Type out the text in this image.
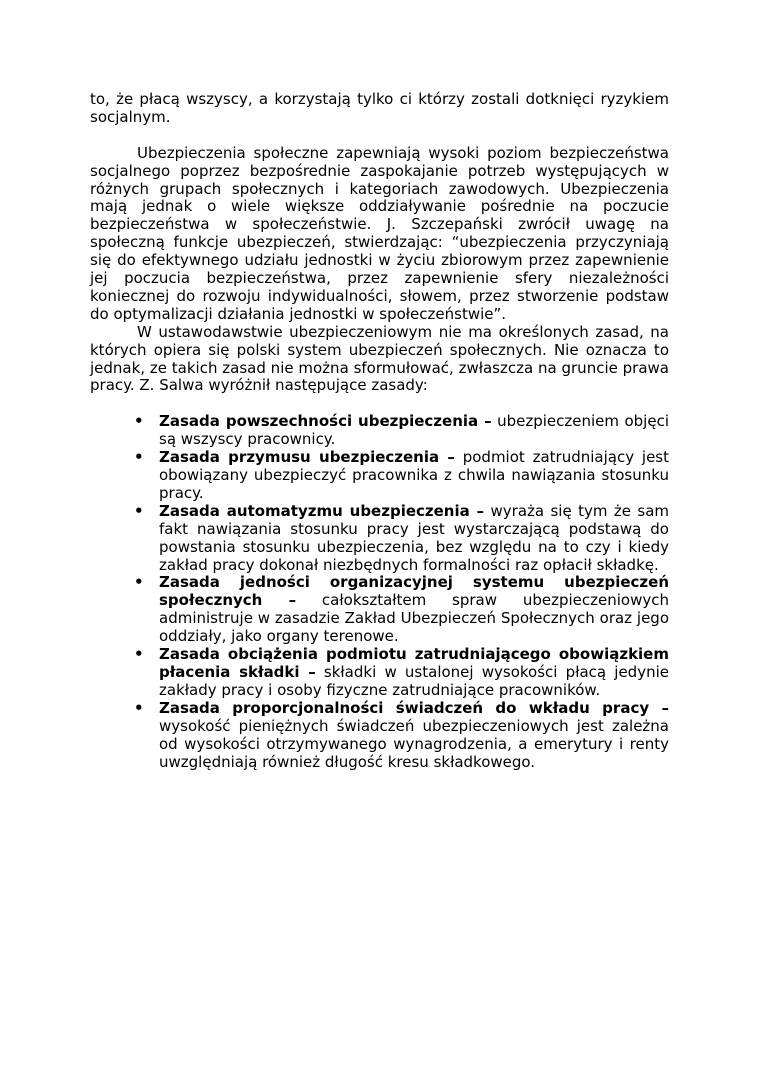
to, że płacą wszyscy, a korzystają tylko ci którzy zostali dotknięci ryzykiem socjalnym.

Ubezpieczenia społeczne zapewniają wysoki poziom bezpieczeństwa socjalnego poprzez bezpośrednie zaspokajanie potrzeb występujących w różnych grupach społecznych i kategoriach zawodowych. Ubezpieczenia mają jednak o wiele większe oddziaływanie pośrednie na poczucie bezpieczeństwa w społeczeństwie. J. Szczepański zwrócił uwagę na społeczną funkcje ubezpieczeń, stwierdzając: “ubezpieczenia przyczyniają się do efektywnego udziału jednostki w życiu zbiorowym przez zapewnienie jej poczucia bezpieczeństwa, przez zapewnienie sfery niezależności koniecznej do rozwoju indywidualności, słowem, przez stworzenie podstaw do optymalizacji działania jednostki w społeczeństwie”.

W ustawodawstwie ubezpieczeniowym nie ma określonych zasad, na których opiera się polski system ubezpieczeń społecznych. Nie oznacza to jednak, ze takich zasad nie można sformułować, zwłaszcza na gruncie prawa pracy. Z. Salwa wyróżnił następujące zasady:

• Zasada powszechności ubezpieczenia – ubezpieczeniem objęci są wszyscy pracownicy.
• Zasada przymusu ubezpieczenia – podmiot zatrudniający jest obowiązany ubezpieczyć pracownika z chwila nawiązania stosunku pracy.
• Zasada automatyzmu ubezpieczenia – wyraża się tym że sam fakt nawiązania stosunku pracy jest wystarczającą podstawą do powstania stosunku ubezpieczenia, bez względu na to czy i kiedy zakład pracy dokonał niezbędnych formalności raz opłacił składkę.
• Zasada jedności organizacyjnej systemu ubezpieczeń społecznych – całokształtem spraw ubezpieczeniowych administruje w zasadzie Zakład Ubezpieczeń Społecznych oraz jego oddziały, jako organy terenowe.
• Zasada obciążenia podmiotu zatrudniającego obowiązkiem płacenia składki – składki w ustalonej wysokości płacą jedynie zakłady pracy i osoby fizyczne zatrudniające pracowników.
• Zasada proporcjonalności świadczeń do wkładu pracy – wysokość pieniężnych świadczeń ubezpieczeniowych jest zależna od wysokości otrzymywanego wynagrodzenia, a emerytury i renty uwzględniają również długość kresu składkowego.
